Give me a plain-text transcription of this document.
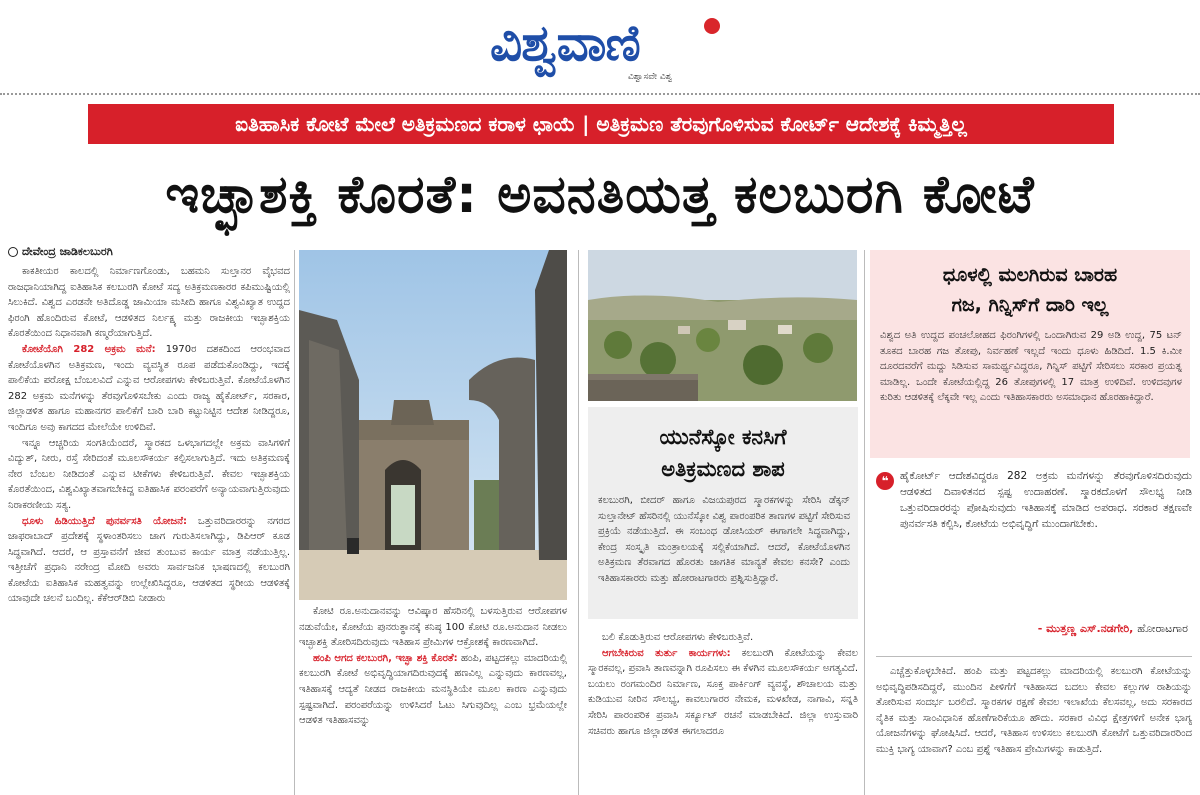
ವಿಶ್ವವಾಣಿ
ವಿಶ್ವಾಸವೇ ವಿಶ್ವ
ಐತಿಹಾಸಿಕ ಕೋಟೆ ಮೇಲೆ ಅತಿಕ್ರಮಣದ ಕರಾಳ ಛಾಯೆ | ಅತಿಕ್ರಮಣ ತೆರವುಗೊಳಿಸುವ ಕೋರ್ಟ್ ಆದೇಶಕ್ಕೆ ಕಿಮ್ಮತ್ತಿಲ್ಲ
ಇಚ್ಛಾಶಕ್ತಿ ಕೊರತೆ: ಅವನತಿಯತ್ತ ಕಲಬುರಗಿ ಕೋಟೆ
ದೇವೇಂದ್ರ ಜಾಡಿಕಲಬುರಗಿ

ಕಾಕತೀಯರ ಕಾಲದಲ್ಲಿ ನಿರ್ಮಾಣಗೊಂಡು, ಬಹಮನಿ ಸುಲ್ತಾನರ ವೈಭವದ ರಾಜಧಾನಿಯಾಗಿದ್ದ ಐತಿಹಾಸಿಕ ಕಲಬುರಗಿ ಕೋಟೆ ಸದ್ಯ ಅತಿಕ್ರಮಣಕಾರರ ಕಪಿಮುಷ್ಟಿಯಲ್ಲಿ ಸಿಲುಕಿದೆ. ವಿಶ್ವದ ಎರಡನೇ ಅತಿದೊಡ್ಡ ಜಾಮಿಯಾ ಮಸೀದಿ ಹಾಗೂ ವಿಶ್ವವಿಖ್ಯಾತ ಉದ್ದದ ಫಿರಂಗಿ ಹೊಂದಿರುವ ಕೋಟೆ, ಆಡಳಿತದ ನಿರ್ಲಕ್ಷ್ಯ ಮತ್ತು ರಾಜಕೀಯ ಇಚ್ಛಾಶಕ್ತಿಯ ಕೊರತೆಯಿಂದ ನಿಧಾನವಾಗಿ ಕಣ್ಮರೆಯಾಗುತ್ತಿದೆ.

ಕೋಟೆಯೊಗಿ 282 ಅಕ್ರಮ ಮನೆ: 1970ರ ದಶಕದಿಂದ ಆರಂಭವಾದ ಕೋಟೆಯೊಳಗಿನ ಅತಿಕ್ರಮಣ, ಇಂದು ವ್ಯವಸ್ಥಿತ ರೂಪ ಪಡೆದುಕೊಂಡಿದ್ದು, ಇದಕ್ಕೆ ಪಾಲಿಕೆಯ ಪರೋಕ್ಷ ಬೆಂಬಲವಿದೆ ಎನ್ನುವ ಆರೋಪಗಳು ಕೇಳಿಬರುತ್ತಿವೆ. ಕೋಟೆಯೊಳಗಿನ 282 ಅಕ್ರಮ ಮನೆಗಳನ್ನು ತೆರವುಗೊಳಿಸಬೇಕು ಎಂದು ರಾಜ್ಯ ಹೈಕೋರ್ಟ್, ಸರಕಾರ, ಜಿಲ್ಲಾಡಳಿತ ಹಾಗೂ ಮಹಾನಗರ ಪಾಲಿಕೆಗೆ ಬಾರಿ ಬಾರಿ ಕಟ್ಟುನಿಟ್ಟಿನ ಆದೇಶ ನೀಡಿದ್ದರೂ, ಇಂದಿಗೂ ಅವು ಕಾಗದದ ಮೇಲೆಯೇ ಉಳಿದಿವೆ.

ಇನ್ನೂ ಆಚ್ಚರಿಯ ಸಂಗತಿಯೆಂದರೆ, ಸ್ಮಾರಕದ ಒಳಭಾಗದಲ್ಲೇ ಅಕ್ರಮ ವಾಸಿಗಳಿಗೆ ವಿದ್ಯುತ್, ನೀರು, ರಸ್ತೆ ಸೇರಿದಂತೆ ಮೂಲಸೌಕರ್ಯ ಕಲ್ಪಿಸಲಾಗುತ್ತಿದೆ. ಇದು ಅತಿಕ್ರಮಣಕ್ಕೆ ನೇರ ಬೆಂಬಲ ನೀಡಿದಂತೆ ಎನ್ನುವ ಟೀಕೆಗಳು ಕೇಳಿಬರುತ್ತಿವೆ. ಕೇವಲ ಇಚ್ಛಾಶಕ್ತಿಯ ಕೊರತೆಯಿಂದ, ವಿಶ್ವವಿಖ್ಯಾತವಾಗಬೇಕಿದ್ದ ಐತಿಹಾಸಿಕ ಪರಂಪರೆಗೆ ಅನ್ಯಾಯವಾಗುತ್ತಿರುವುದು ನಿರಾಕರಣೀಯ ಸತ್ಯ.

ಧೂಳು ಹಿಡಿಯುತ್ತಿದೆ ಪುನರ್ವಸತಿ ಯೋಜನೆ: ಒತ್ತುವರಿದಾರರನ್ನು ನಗರದ ಜಾಫರಾಬಾದ್ ಪ್ರದೇಶಕ್ಕೆ ಸ್ಥಳಾಂತರಿಸಲು ಜಾಗ ಗುರುತಿಸಲಾಗಿದ್ದು, ಡಿಪಿಆರ್ ಕೂಡ ಸಿದ್ಧವಾಗಿದೆ. ಆದರೆ, ಆ ಪ್ರಸ್ತಾವನೆಗೆ ಜೀವ ತುಂಬುವ ಕಾರ್ಯ ಮಾತ್ರ ನಡೆಯುತ್ತಿಲ್ಲ. ಇತ್ತೀಚೆಗೆ ಪ್ರಧಾನಿ ನರೇಂದ್ರ ಮೋದಿ ಅವರು ಸಾರ್ವಜನಿಕ ಭಾಷಣದಲ್ಲಿ ಕಲಬುರಗಿ ಕೋಟೆಯ ಐತಿಹಾಸಿಕ ಮಹತ್ವವನ್ನು ಉಲ್ಲೇಖಿಸಿದ್ದರೂ, ಆಡಳಿತದ ಸ್ಥರೀಯ ಆಡಳಿತಕ್ಕೆ ಯಾವುದೇ ಚಲನೆ ಬಂದಿಲ್ಲ. ಕೆಕೆಆರ್‌ಡಿಬಿ ನೀಡಾರು

ಕೋಟಿ ರೂ.ಅನುದಾನವನ್ನು ಆವಿಷ್ಕಾರ ಹೆಸರಿನಲ್ಲಿ ಬಳಸುತ್ತಿರುವ ಆರೋಪಗಳ ನಡುವೆಯೇ, ಕೋಟೆಯ ಪುನರುತ್ಥಾನಕ್ಕೆ ಕನಿಷ್ಠ 100 ಕೋಟಿ ರೂ.ಅನುದಾನ ನೀಡಲು ಇಚ್ಛಾಶಕ್ತಿ ತೋರಿಸದಿರುವುದು ಇತಿಹಾಸ ಪ್ರೇಮಿಗಳ ಆಕ್ರೋಶಕ್ಕೆ ಕಾರಣವಾಗಿದೆ.

ಹಂಪಿ ಆಗದ ಕಲಬುರಗಿ, ಇಚ್ಛಾ ಶಕ್ತಿ ಕೊರತೆ: ಹಂಪಿ, ಪಟ್ಟದಕಲ್ಲು ಮಾದರಿಯಲ್ಲಿ ಕಲಬುರಗಿ ಕೋಟೆ ಅಭಿವೃದ್ಧಿಯಾಗದಿರುವುದಕ್ಕೆ ಹಣವಿಲ್ಲ ಎನ್ನುವುದು ಕಾರಣವಲ್ಲ, ಇತಿಹಾಸಕ್ಕೆ ಆದ್ಯತೆ ನೀಡದ ರಾಜಕೀಯ ಮನಸ್ಥಿತಿಯೇ ಮೂಲ ಕಾರಣ ಎನ್ನುವುದು ಸ್ಪಷ್ಟವಾಗಿದೆ. ಪರಂಪರೆಯನ್ನು ಉಳಿಸಿದರೆ ಓಟು ಸಿಗುವುದಿಲ್ಲ ಎಂಬ ಭ್ರಮೆಯಲ್ಲೇ ಆಡಳಿತ ಇತಿಹಾಸವನ್ನು

ಯುನೆಸ್ಕೋ ಕನಸಿಗೆ
ಅತಿಕ್ರಮಣದ ಶಾಪ
ಕಲಬುರಗಿ, ಬೀದರ್ ಹಾಗೂ ವಿಜಯಪುರದ ಸ್ಮಾರಕಗಳನ್ನು ಸೇರಿಸಿ ಡೆಕ್ಕನ್ ಸುಲ್ತಾನೇಟ್ ಹೆಸರಿನಲ್ಲಿ ಯುನೆಸ್ಕೋ ವಿಶ್ವ ಪಾರಂಪರಿಕ ತಾಣಗಳ ಪಟ್ಟಿಗೆ ಸೇರಿಸುವ ಪ್ರಕ್ರಿಯೆ ನಡೆಯುತ್ತಿದೆ. ಈ ಸಂಬಂಧ ಡೋಸಿಯರ್ ಈಗಾಗಲೇ ಸಿದ್ಧವಾಗಿದ್ದು, ಕೇಂದ್ರ ಸಂಸ್ಕೃತಿ ಮಂತ್ರಾಲಯಕ್ಕೆ ಸಲ್ಲಿಕೆಯಾಗಿದೆ. ಆದರೆ, ಕೋಟೆಯೊಳಗಿನ ಅತಿಕ್ರಮಣ ತೆರವಾಗದ ಹೊರತು ಜಾಗತಿಕ ಮಾನ್ಯತೆ ಕೇವಲ ಕನಸೇ? ಎಂದು ಇತಿಹಾಸಕಾರರು ಮತ್ತು ಹೋರಾಟಗಾರರು ಪ್ರಶ್ನಿಸುತ್ತಿದ್ದಾರೆ.

ಬಲಿ ಕೊಡುತ್ತಿರುವ ಆರೋಪಗಳು ಕೇಳಿಬರುತ್ತಿವೆ.

ಆಗಬೇಕಿರುವ ತುರ್ತು ಕಾರ್ಯಗಳು: ಕಲಬುರಗಿ ಕೋಟೆಯನ್ನು ಕೇವಲ ಸ್ಮಾರಕವಲ್ಲ, ಪ್ರವಾಸಿ ತಾಣವನ್ನಾಗಿ ರೂಪಿಸಲು ಈ ಕೆಳಗಿನ ಮೂಲಸೌಕರ್ಯ ಅಗತ್ಯವಿದೆ. ಬಯಲು ರಂಗಮಂದಿರ ನಿರ್ಮಾಣ, ಸೂಕ್ತ ಪಾರ್ಕಿಂಗ್ ವ್ಯವಸ್ಥೆ, ಶೌಚಾಲಯ ಮತ್ತು ಕುಡಿಯುವ ನೀರಿನ ಸೌಲಭ್ಯ, ಕಾವಲುಗಾರರ ನೇಮಕ, ಮಳಖೇಡ, ನಾಗಾವಿ, ಸನ್ನತಿ ಸೇರಿಸಿ ಪಾರಂಪರಿಕ ಪ್ರವಾಸಿ ಸರ್ಕ್ಯೂಟ್ ರಚನೆ ಮಾಡಬೇಕಿದೆ. ಜಿಲ್ಲಾ ಉಸ್ತುವಾರಿ ಸಚಿವರು ಹಾಗೂ ಜಿಲ್ಲಾಡಳಿತ ಈಗಲಾದರೂ

ಧೂಳಲ್ಲಿ ಮಲಗಿರುವ ಬಾರಹ
ಗಜ, ಗಿನ್ನಿಸ್‌ಗೆ ದಾರಿ ಇಲ್ಲ
ವಿಶ್ವದ ಅತಿ ಉದ್ದದ ಪಂಚಲೋಹದ ಫಿರಂಗಿಗಳಲ್ಲಿ ಒಂದಾಗಿರುವ 29 ಅಡಿ ಉದ್ದ, 75 ಟನ್ ತೂಕದ ಬಾರಹ ಗಜ ತೋಪು, ನಿರ್ವಹಣೆ ಇಲ್ಲದೆ ಇಂದು ಧೂಳು ಹಿಡಿದಿದೆ. 1.5 ಕಿ.ಮೀ ದೂರದವರೆಗೆ ಮದ್ದು ಸಿಡಿಸುವ ಸಾಮರ್ಥ್ಯವಿದ್ದರೂ, ಗಿನ್ನಿಸ್ ಪಟ್ಟಿಗೆ ಸೇರಿಸಲು ಸರಕಾರ ಪ್ರಯತ್ನ ಮಾಡಿಲ್ಲ. ಒಂದೇ ಕೋಟೆಯಲ್ಲಿದ್ದ 26 ತೋಪುಗಳಲ್ಲಿ 17 ಮಾತ್ರ ಉಳಿದಿವೆ. ಉಳಿದವುಗಳ ಕುರಿತು ಆಡಳಿತಕ್ಕೆ ಲೆಕ್ಕವೇ ಇಲ್ಲ ಎಂದು ಇತಿಹಾಸಕಾರರು ಅಸಮಾಧಾನ ಹೊರಹಾಕಿದ್ದಾರೆ.
❝	ಹೈಕೋರ್ಟ್ ಆದೇಶವಿದ್ದರೂ 282 ಅಕ್ರಮ ಮನೆಗಳನ್ನು ತೆರವುಗೊಳಿಸದಿರುವುದು ಆಡಳಿತದ ದಿವಾಳಿತನದ ಸ್ಪಷ್ಟ ಉದಾಹರಣೆ. ಸ್ಮಾರಕದೊಳಗೆ ಸೌಲಭ್ಯ ನೀಡಿ ಒತ್ತುವರಿದಾರರನ್ನು ಪೋಷಿಸುವುದು ಇತಿಹಾಸಕ್ಕೆ ಮಾಡಿದ ಅಪರಾಧ. ಸರಕಾರ ತಕ್ಷಣವೇ ಪುನರ್ವಸತಿ ಕಲ್ಪಿಸಿ, ಕೋಟೆಯ ಅಭಿವೃದ್ಧಿಗೆ ಮುಂದಾಗಬೇಕು.
- ಮುತ್ತಣ್ಣ ಎಸ್.ನಡಗೇರಿ, ಹೋರಾಟಗಾರ

ಎಚ್ಚೆತ್ತುಕೊಳ್ಳಬೇಕಿದೆ. ಹಂಪಿ ಮತ್ತು ಪಟ್ಟದಕಲ್ಲು ಮಾದರಿಯಲ್ಲಿ ಕಲಬುರಗಿ ಕೋಟೆಯನ್ನು ಅಭಿವೃದ್ಧಿಪಡಿಸದಿದ್ದರೆ, ಮುಂದಿನ ಪೀಳಿಗೆಗೆ ಇತಿಹಾಸದ ಬದಲು ಕೇವಲ ಕಲ್ಲುಗಳ ರಾಶಿಯನ್ನು ತೋರಿಸುವ ಸಂದರ್ಭ ಬರಲಿದೆ. ಸ್ಮಾರಕಗಳ ರಕ್ಷಣೆ ಕೇವಲ ಇಲಾಖೆಯ ಕೆಲಸವಲ್ಲ, ಅದು ಸರಕಾರದ ನೈತಿಕ ಮತ್ತು ಸಾಂವಿಧಾನಿಕ ಹೊಣೆಗಾರಿಕೆಯೂ ಹೌದು. ಸರಕಾರ ವಿವಿಧ ಕ್ಷೇತ್ರಗಳಿಗೆ ಅನೇಕ ಭಾಗ್ಯ ಯೋಜನೆಗಳನ್ನು ಘೋಷಿಸಿದೆ. ಆದರೆ, ಇತಿಹಾಸ ಉಳಿಸಲು ಕಲಬುರಗಿ ಕೋಟೆಗೆ ಒತ್ತುವರಿದಾರರಿಂದ ಮುಕ್ತಿ ಭಾಗ್ಯ ಯಾವಾಗ? ಎಂಬ ಪ್ರಶ್ನೆ ಇತಿಹಾಸ ಪ್ರೇಮಿಗಳನ್ನು ಕಾಡುತ್ತಿದೆ.
